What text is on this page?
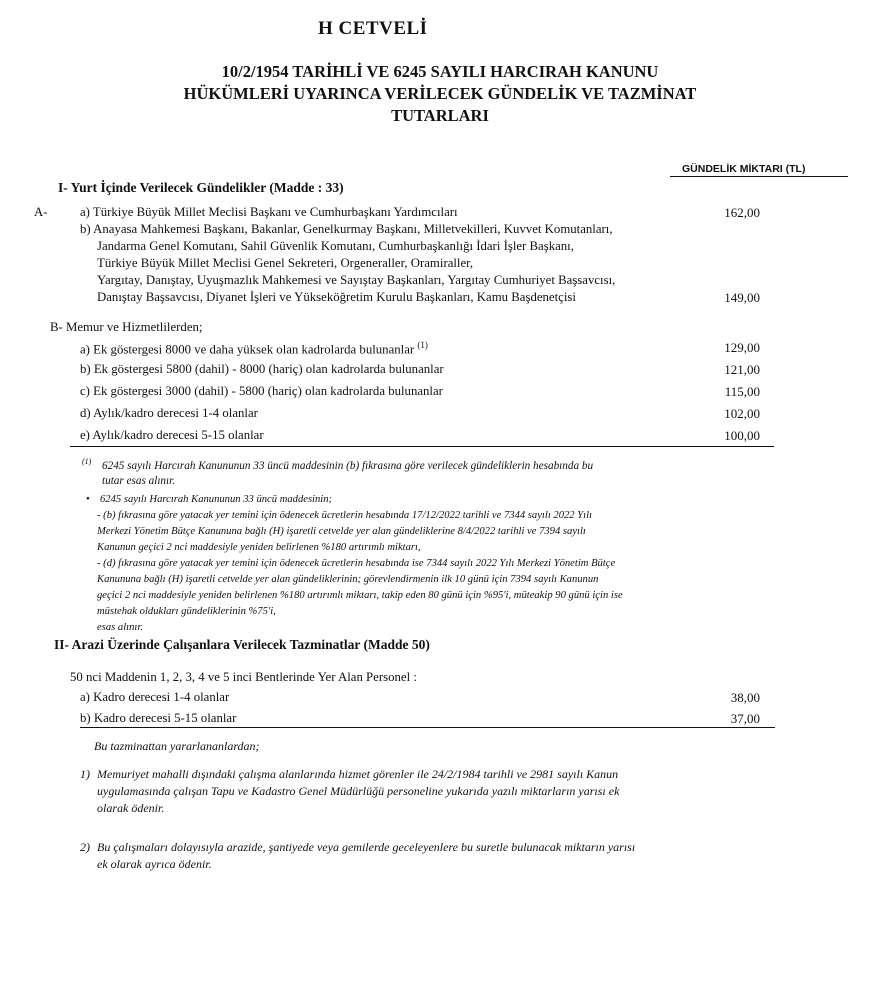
H CETVELİ
10/2/1954 TARİHLİ VE 6245 SAYILI HARCIRAH KANUNU
HÜKÜMLERİ UYARINCA VERİLECEK GÜNDELİK VE TAZMİNAT
TUTARLARI
GÜNDELİK MİKTARI (TL)
I- Yurt İçinde Verilecek Gündelikler (Madde : 33)
A-	a) Türkiye Büyük Millet Meclisi Başkanı ve Cumhurbaşkanı Yardımcıları	162,00
b) Anayasa Mahkemesi Başkanı, Bakanlar, Genelkurmay Başkanı, Milletvekilleri, Kuvvet Komutanları,
Jandarma Genel Komutanı, Sahil Güvenlik Komutanı, Cumhurbaşkanlığı İdari İşler Başkanı,
Türkiye Büyük Millet Meclisi Genel Sekreteri, Orgeneraller, Oramiraller,
Yargıtay, Danıştay, Uyuşmazlık Mahkemesi ve Sayıştay Başkanları, Yargıtay Cumhuriyet Başsavcısı,
Danıştay Başsavcısı, Diyanet İşleri ve Yükseköğretim Kurulu Başkanları, Kamu Başdenetçisi	149,00
B- Memur ve Hizmetlilerden;
a) Ek göstergesi 8000 ve daha yüksek olan kadrolarda bulunanlar $^{(1)}$	129,00
b) Ek göstergesi 5800 (dahil) - 8000 (hariç) olan kadrolarda bulunanlar	121,00
c) Ek göstergesi 3000 (dahil) - 5800 (hariç) olan kadrolarda bulunanlar	115,00
d) Aylık/kadro derecesi 1-4 olanlar	102,00
e) Aylık/kadro derecesi 5-15 olanlar	100,00
(1) 6245 sayılı Harcırah Kanununun 33 üncü maddesinin (b) fıkrasına göre verilecek gündeliklerin hesabında bu
tutar esas alınır.
• 6245 sayılı Harcırah Kanununun 33 üncü maddesinin;
- (b) fıkrasına göre yatacak yer temini için ödenecek ücretlerin hesabında 17/12/2022 tarihli ve 7344 sayılı 2022 Yılı
Merkezi Yönetim Bütçe Kanununa bağlı (H) işaretli cetvelde yer alan gündeliklerine 8/4/2022 tarihli ve 7394 sayılı
Kanunun geçici 2 nci maddesiyle yeniden belirlenen %180 artırımlı miktarı,
- (d) fıkrasına göre yatacak yer temini için ödenecek ücretlerin hesabında ise 7344 sayılı 2022 Yılı Merkezi Yönetim Bütçe
Kanununa bağlı (H) işaretli cetvelde yer alan gündeliklerinin; görevlendirmenin ilk 10 günü için 7394 sayılı Kanunun
geçici 2 nci maddesiyle yeniden belirlenen %180 artırımlı miktarı, takip eden 80 günü için %95'i, müteakip 90 günü için ise
müstehak oldukları gündeliklerinin %75'i,
esas alınır.
II- Arazi Üzerinde Çalışanlara Verilecek Tazminatlar (Madde 50)
50 nci Maddenin 1, 2, 3, 4 ve 5 inci Bentlerinde Yer Alan Personel :
a) Kadro derecesi 1-4 olanlar	38,00
b) Kadro derecesi 5-15 olanlar	37,00
Bu tazminattan yararlananlardan;
1) Memuriyet mahalli dışındaki çalışma alanlarında hizmet görenler ile 24/2/1984 tarihli ve 2981 sayılı Kanun
uygulamasında çalışan Tapu ve Kadastro Genel Müdürlüğü personeline yukarıda yazılı miktarların yarısı ek
olarak ödenir.
2) Bu çalışmaları dolayısıyla arazide, şantiyede veya gemilerde geceleyenlere bu suretle bulunacak miktarın yarısı
ek olarak ayrıca ödenir.
